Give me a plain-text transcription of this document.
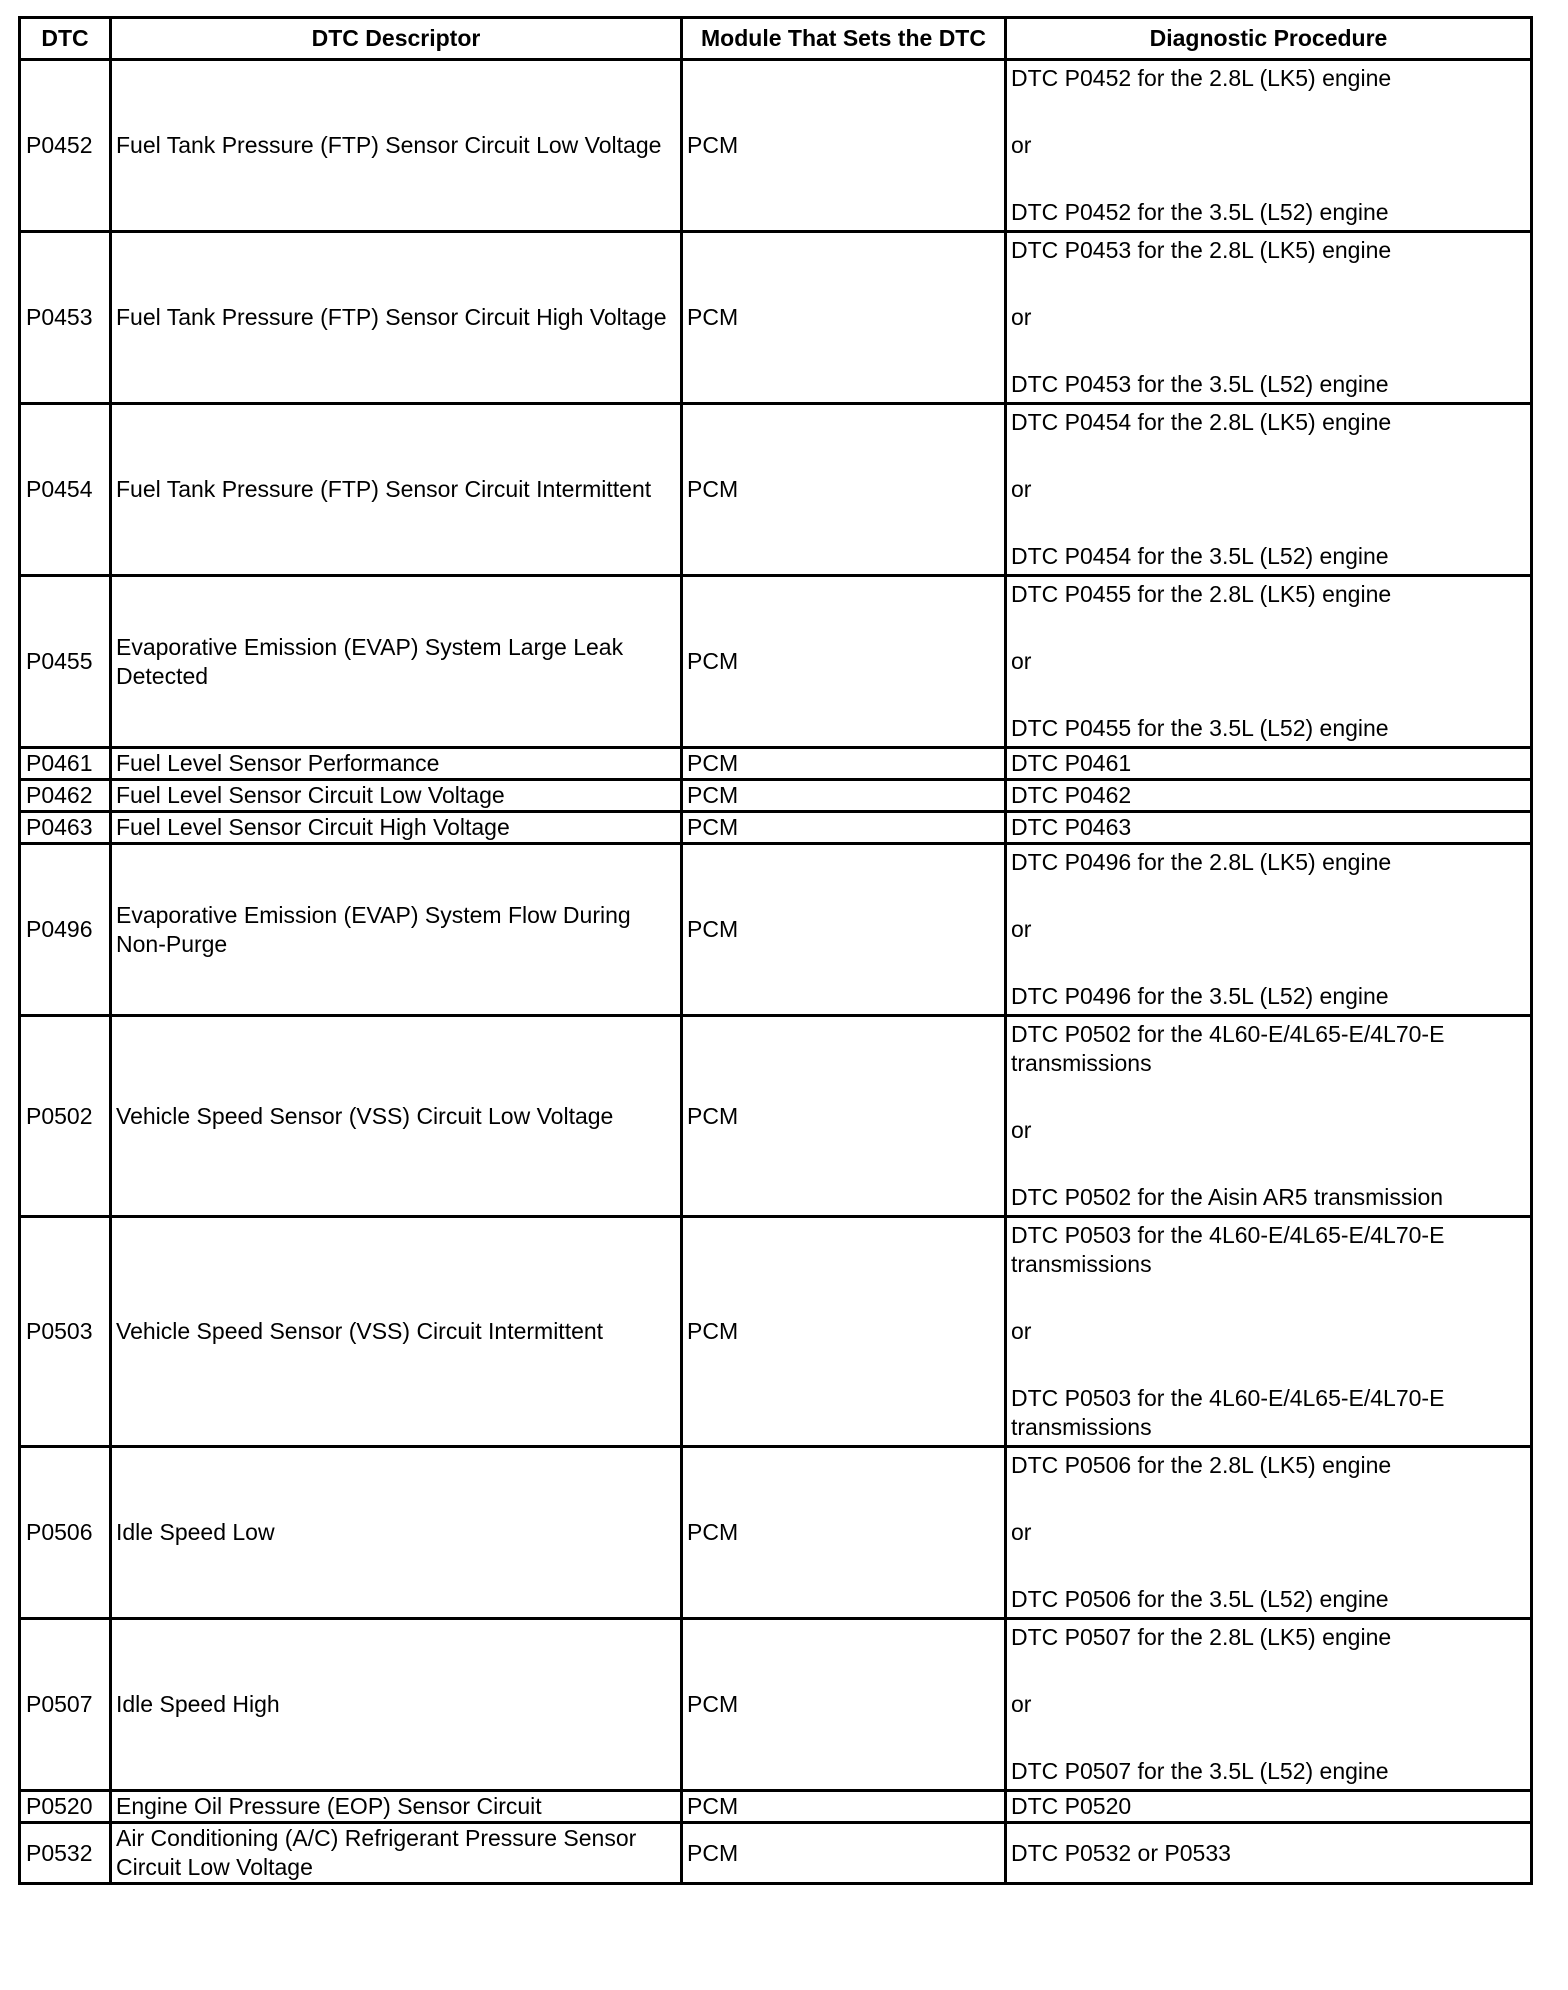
DTC	DTC Descriptor	Module That Sets the DTC	Diagnostic Procedure
P0452	Fuel Tank Pressure (FTP) Sensor Circuit Low Voltage	PCM	DTC P0452 for the 2.8L (LK5) engine
or
DTC P0452 for the 3.5L (L52) engine

P0453	Fuel Tank Pressure (FTP) Sensor Circuit High Voltage	PCM	DTC P0453 for the 2.8L (LK5) engine
or
DTC P0453 for the 3.5L (L52) engine

P0454	Fuel Tank Pressure (FTP) Sensor Circuit Intermittent	PCM	DTC P0454 for the 2.8L (LK5) engine
or
DTC P0454 for the 3.5L (L52) engine

P0455	Evaporative Emission (EVAP) System Large Leak Detected	PCM	DTC P0455 for the 2.8L (LK5) engine
or
DTC P0455 for the 3.5L (L52) engine

P0461	Fuel Level Sensor Performance	PCM	DTC P0461

P0462	Fuel Level Sensor Circuit Low Voltage	PCM	DTC P0462

P0463	Fuel Level Sensor Circuit High Voltage	PCM	DTC P0463

P0496	Evaporative Emission (EVAP) System Flow During Non-Purge	PCM	DTC P0496 for the 2.8L (LK5) engine
or
DTC P0496 for the 3.5L (L52) engine

P0502	Vehicle Speed Sensor (VSS) Circuit Low Voltage	PCM	DTC P0502 for the 4L60-E/4L65-E/4L70-E transmissions
or
DTC P0502 for the Aisin AR5 transmission

P0503	Vehicle Speed Sensor (VSS) Circuit Intermittent	PCM	DTC P0503 for the 4L60-E/4L65-E/4L70-E transmissions
or
DTC P0503 for the 4L60-E/4L65-E/4L70-E transmissions

P0506	Idle Speed Low	PCM	DTC P0506 for the 2.8L (LK5) engine
or
DTC P0506 for the 3.5L (L52) engine

P0507	Idle Speed High	PCM	DTC P0507 for the 2.8L (LK5) engine
or
DTC P0507 for the 3.5L (L52) engine

P0520	Engine Oil Pressure (EOP) Sensor Circuit	PCM	DTC P0520

P0532	Air Conditioning (A/C) Refrigerant Pressure Sensor Circuit Low Voltage	PCM	DTC P0532 or P0533
